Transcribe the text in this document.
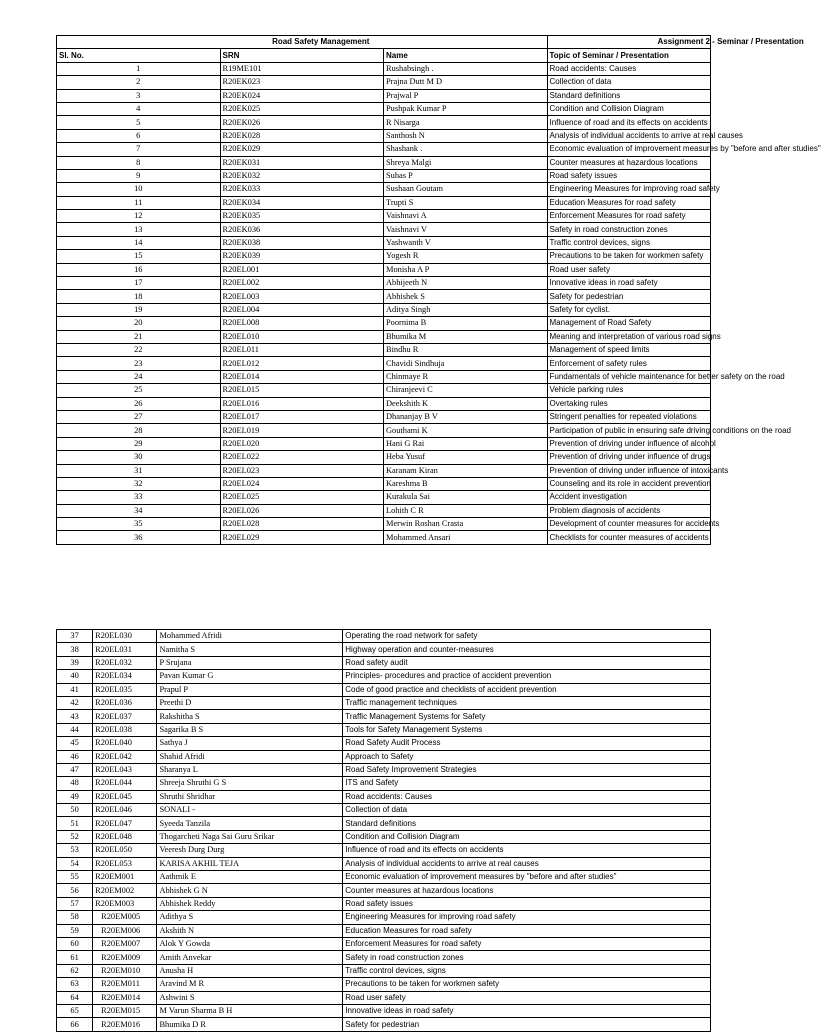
Road Safety Management			Assignment 2 - Seminar / Presentation
Sl. No.	SRN	Name	Topic of Seminar / Presentation
1	R19ME101	Rushabsingh .	Road accidents: Causes
2	R20EK023	Prajna Dutt M D	Collection of data
3	R20EK024	Prajwal P	Standard definitions
4	R20EK025	Pushpak Kumar P	Condition and Collision Diagram
5	R20EK026	R Nisarga	Influence of road and its effects on accidents
6	R20EK028	Santhosh N	Analysis of individual accidents to arrive at real causes
7	R20EK029	Shashank .	Economic evaluation of improvement measures by "before and after studies"
8	R20EK031	Shreya Malgi	Counter measures at hazardous locations
9	R20EK032	Suhas P	Road safety issues
10	R20EK033	Sushaan Goutam	Engineering Measures for improving road safety
11	R20EK034	Trupti S	Education Measures for road safety
12	R20EK035	Vaishnavi A	Enforcement Measures for road safety
13	R20EK036	Vaishnavi V	Safety in road construction zones
14	R20EK038	Yashwanth V	Traffic control devices, signs
15	R20EK039	Yogesh R	Precautions to be taken for workmen safety
16	R20EL001	Monisha A P	Road user safety
17	R20EL002	Abhijeeth N	Innovative ideas in road safety
18	R20EL003	Abhishek S	Safety for pedestrian
19	R20EL004	Aditya Singh	Safety for cyclist.
20	R20EL008	Poornima B	Management of Road Safety
21	R20EL010	Bhumika M	Meaning and interpretation of various road signs
22	R20EL011	Bindhu R	Management of speed limits
23	R20EL012	Chavidi Sindhuja	Enforcement of safety rules
24	R20EL014	Chinmaye R	Fundamentals of vehicle maintenance for better safety on the road
25	R20EL015	Chiranjeevi C	Vehicle parking rules
26	R20EL016	Deekshith K	Overtaking rules
27	R20EL017	Dhananjay B V	Stringent penalties for repeated violations
28	R20EL019	Gouthami K	Participation of public in ensuring safe driving conditions on the road
29	R20EL020	Hani G Rai	Prevention of driving under influence of alcohol
30	R20EL022	Heba Yusuf	Prevention of driving under influence of drugs
31	R20EL023	Karanam Kiran	Prevention of driving under influence of intoxicants
32	R20EL024	Kareshma B	Counseling and its role in accident prevention
33	R20EL025	Kurakula Sai	Accident investigation
34	R20EL026	Lohith C R	Problem diagnosis of accidents
35	R20EL028	Merwin Roshan Crasta	Development of counter measures for accidents
36	R20EL029	Mohammed Ansari	Checklists for counter measures of accidents
37	R20EL030	Mohammed Afridi	Operating the road network for safety
38	R20EL031	Namitha S	Highway operation and counter-measures
39	R20EL032	P Srujana	Road safety audit
40	R20EL034	Pavan Kumar G	Principles- procedures and practice of accident prevention
41	R20EL035	Prapul P	Code of good practice and checklists of accident prevention
42	R20EL036	Preethi D	Traffic management techniques
43	R20EL037	Rakshitha S	Traffic Management Systems for Safety
44	R20EL038	Sagarika B S	Tools for Safety Management Systems
45	R20EL040	Sathya J	Road Safety Audit Process
46	R20EL042	Shahid Afridi	Approach to Safety
47	R20EL043	Sharanya L	Road Safety Improvement Strategies
48	R20EL044	Shreeja Shruthi G S	ITS and Safety
49	R20EL045	Shruthi Shridhar	Road accidents: Causes
50	R20EL046	SONALI -	Collection of data
51	R20EL047	Syeeda Tanzila	Standard definitions
52	R20EL048	Thogarcheti Naga Sai Guru Srikar	Condition and Collision Diagram
53	R20EL050	Veeresh Durg Durg	Influence of road and its effects on accidents
54	R20EL053	KARISA AKHIL TEJA	Analysis of individual accidents to arrive at real causes
55	R20EM001	Aathmik E	Economic evaluation of improvement measures by "before and after studies"
56	R20EM002	Abhishek G N	Counter measures at hazardous locations
57	R20EM003	Abhishek Reddy	Road safety issues
58	R20EM005	Adithya S	Engineering Measures for improving road safety
59	R20EM006	Akshith N	Education Measures for road safety
60	R20EM007	Alok Y Gowda	Enforcement Measures for road safety
61	R20EM009	Amith Anvekar	Safety in road construction zones
62	R20EM010	Anusha H	Traffic control devices, signs
63	R20EM011	Aravind M R	Precautions to be taken for workmen safety
64	R20EM014	Ashwini S	Road user safety
65	R20EM015	M Varun Sharma B H	Innovative ideas in road safety
66	R20EM016	Bhumika D R	Safety for pedestrian
